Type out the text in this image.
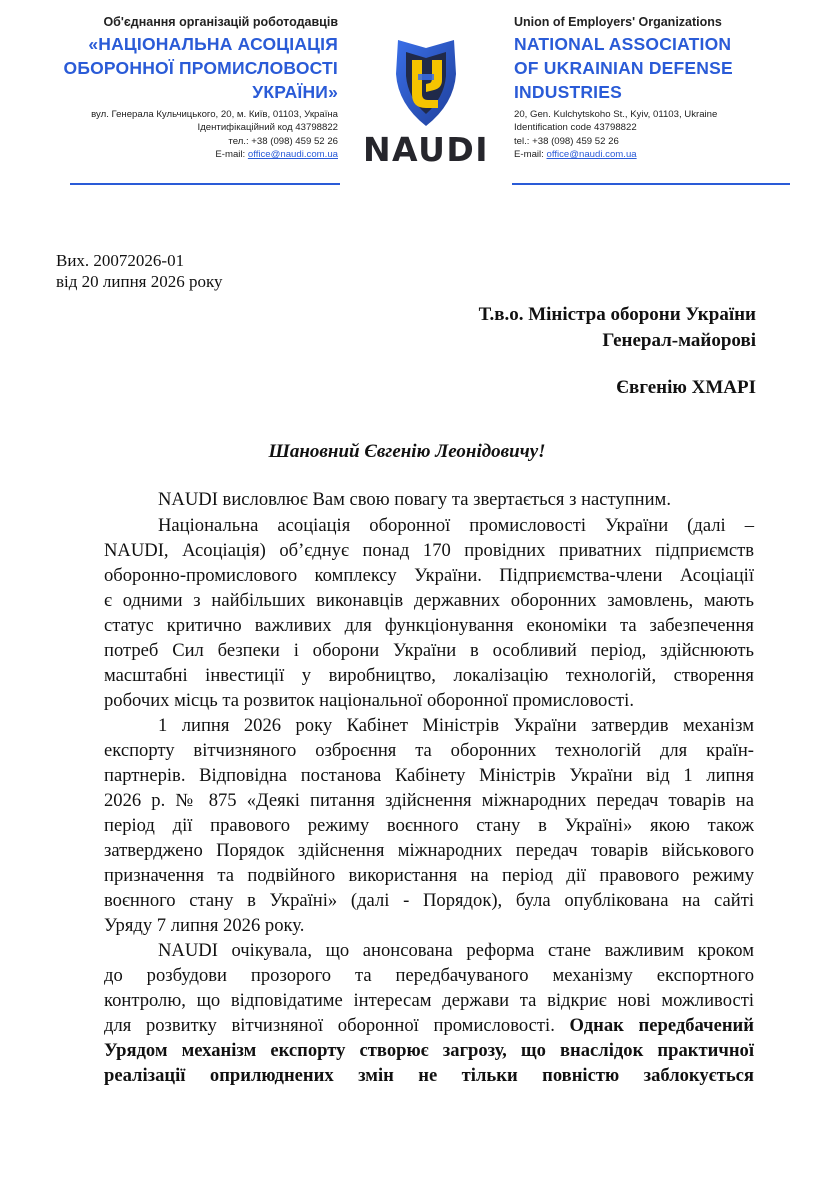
Об'єднання організацій роботодавців
«НАЦІОНАЛЬНА АСОЦІАЦІЯ
ОБОРОННОЇ ПРОМИСЛОВОСТІ
УКРАЇНИ»
вул. Генерала Кульчицького, 20, м. Київ, 01103, Україна
Ідентифікаційний код 43798822
тел.: +38 (098) 459 52 26
E-mail: office@naudi.com.ua NAUDI
Union of Employers' Organizations
NATIONAL ASSOCIATION
OF UKRAINIAN DEFENSE
INDUSTRIES
20, Gen. Kulchytskoho St., Kyiv, 01103, Ukraine
Identification code 43798822
tel.: +38 (098) 459 52 26
E-mail: office@naudi.com.ua
Вих. 20072026-01
від 20 липня 2026 року
Т.в.о. Міністра оборони України
Генерал-майорові
Євгенію ХМАРІ
Шановний Євгенію Леонідовичу!
NAUDI висловлює Вам свою повагу та звертається з наступним.
Національна асоціація оборонної промисловості України (далі –
NAUDI, Асоціація) об’єднує понад 170 провідних приватних підприємств
оборонно-промислового комплексу України. Підприємства-члени Асоціації
є одними з найбільших виконавців державних оборонних замовлень, мають
статус критично важливих для функціонування економіки та забезпечення
потреб Сил безпеки і оборони України в особливий період, здійснюють
масштабні інвестиції у виробництво, локалізацію технологій, створення
робочих місць та розвиток національної оборонної промисловості.
1 липня 2026 року Кабінет Міністрів України затвердив механізм
експорту вітчизняного озброєння та оборонних технологій для країн-
партнерів. Відповідна постанова Кабінету Міністрів України від 1 липня
2026 р. № 875 «Деякі питання здійснення міжнародних передач товарів на
період дії правового режиму воєнного стану в Україні» якою також
затверджено Порядок здійснення міжнародних передач товарів військового
призначення та подвійного використання на період дії правового режиму
воєнного стану в Україні» (далі - Порядок), була опублікована на сайті
Уряду 7 липня 2026 року.
NAUDI очікувала, що анонсована реформа стане важливим кроком
до розбудови прозорого та передбачуваного механізму експортного
контролю, що відповідатиме інтересам держави та відкриє нові можливості
для розвитку вітчизняної оборонної промисловості. Однак передбачений
Урядом механізм експорту створює загрозу, що внаслідок практичної
реалізації оприлюднених змін не тільки повністю заблокується
